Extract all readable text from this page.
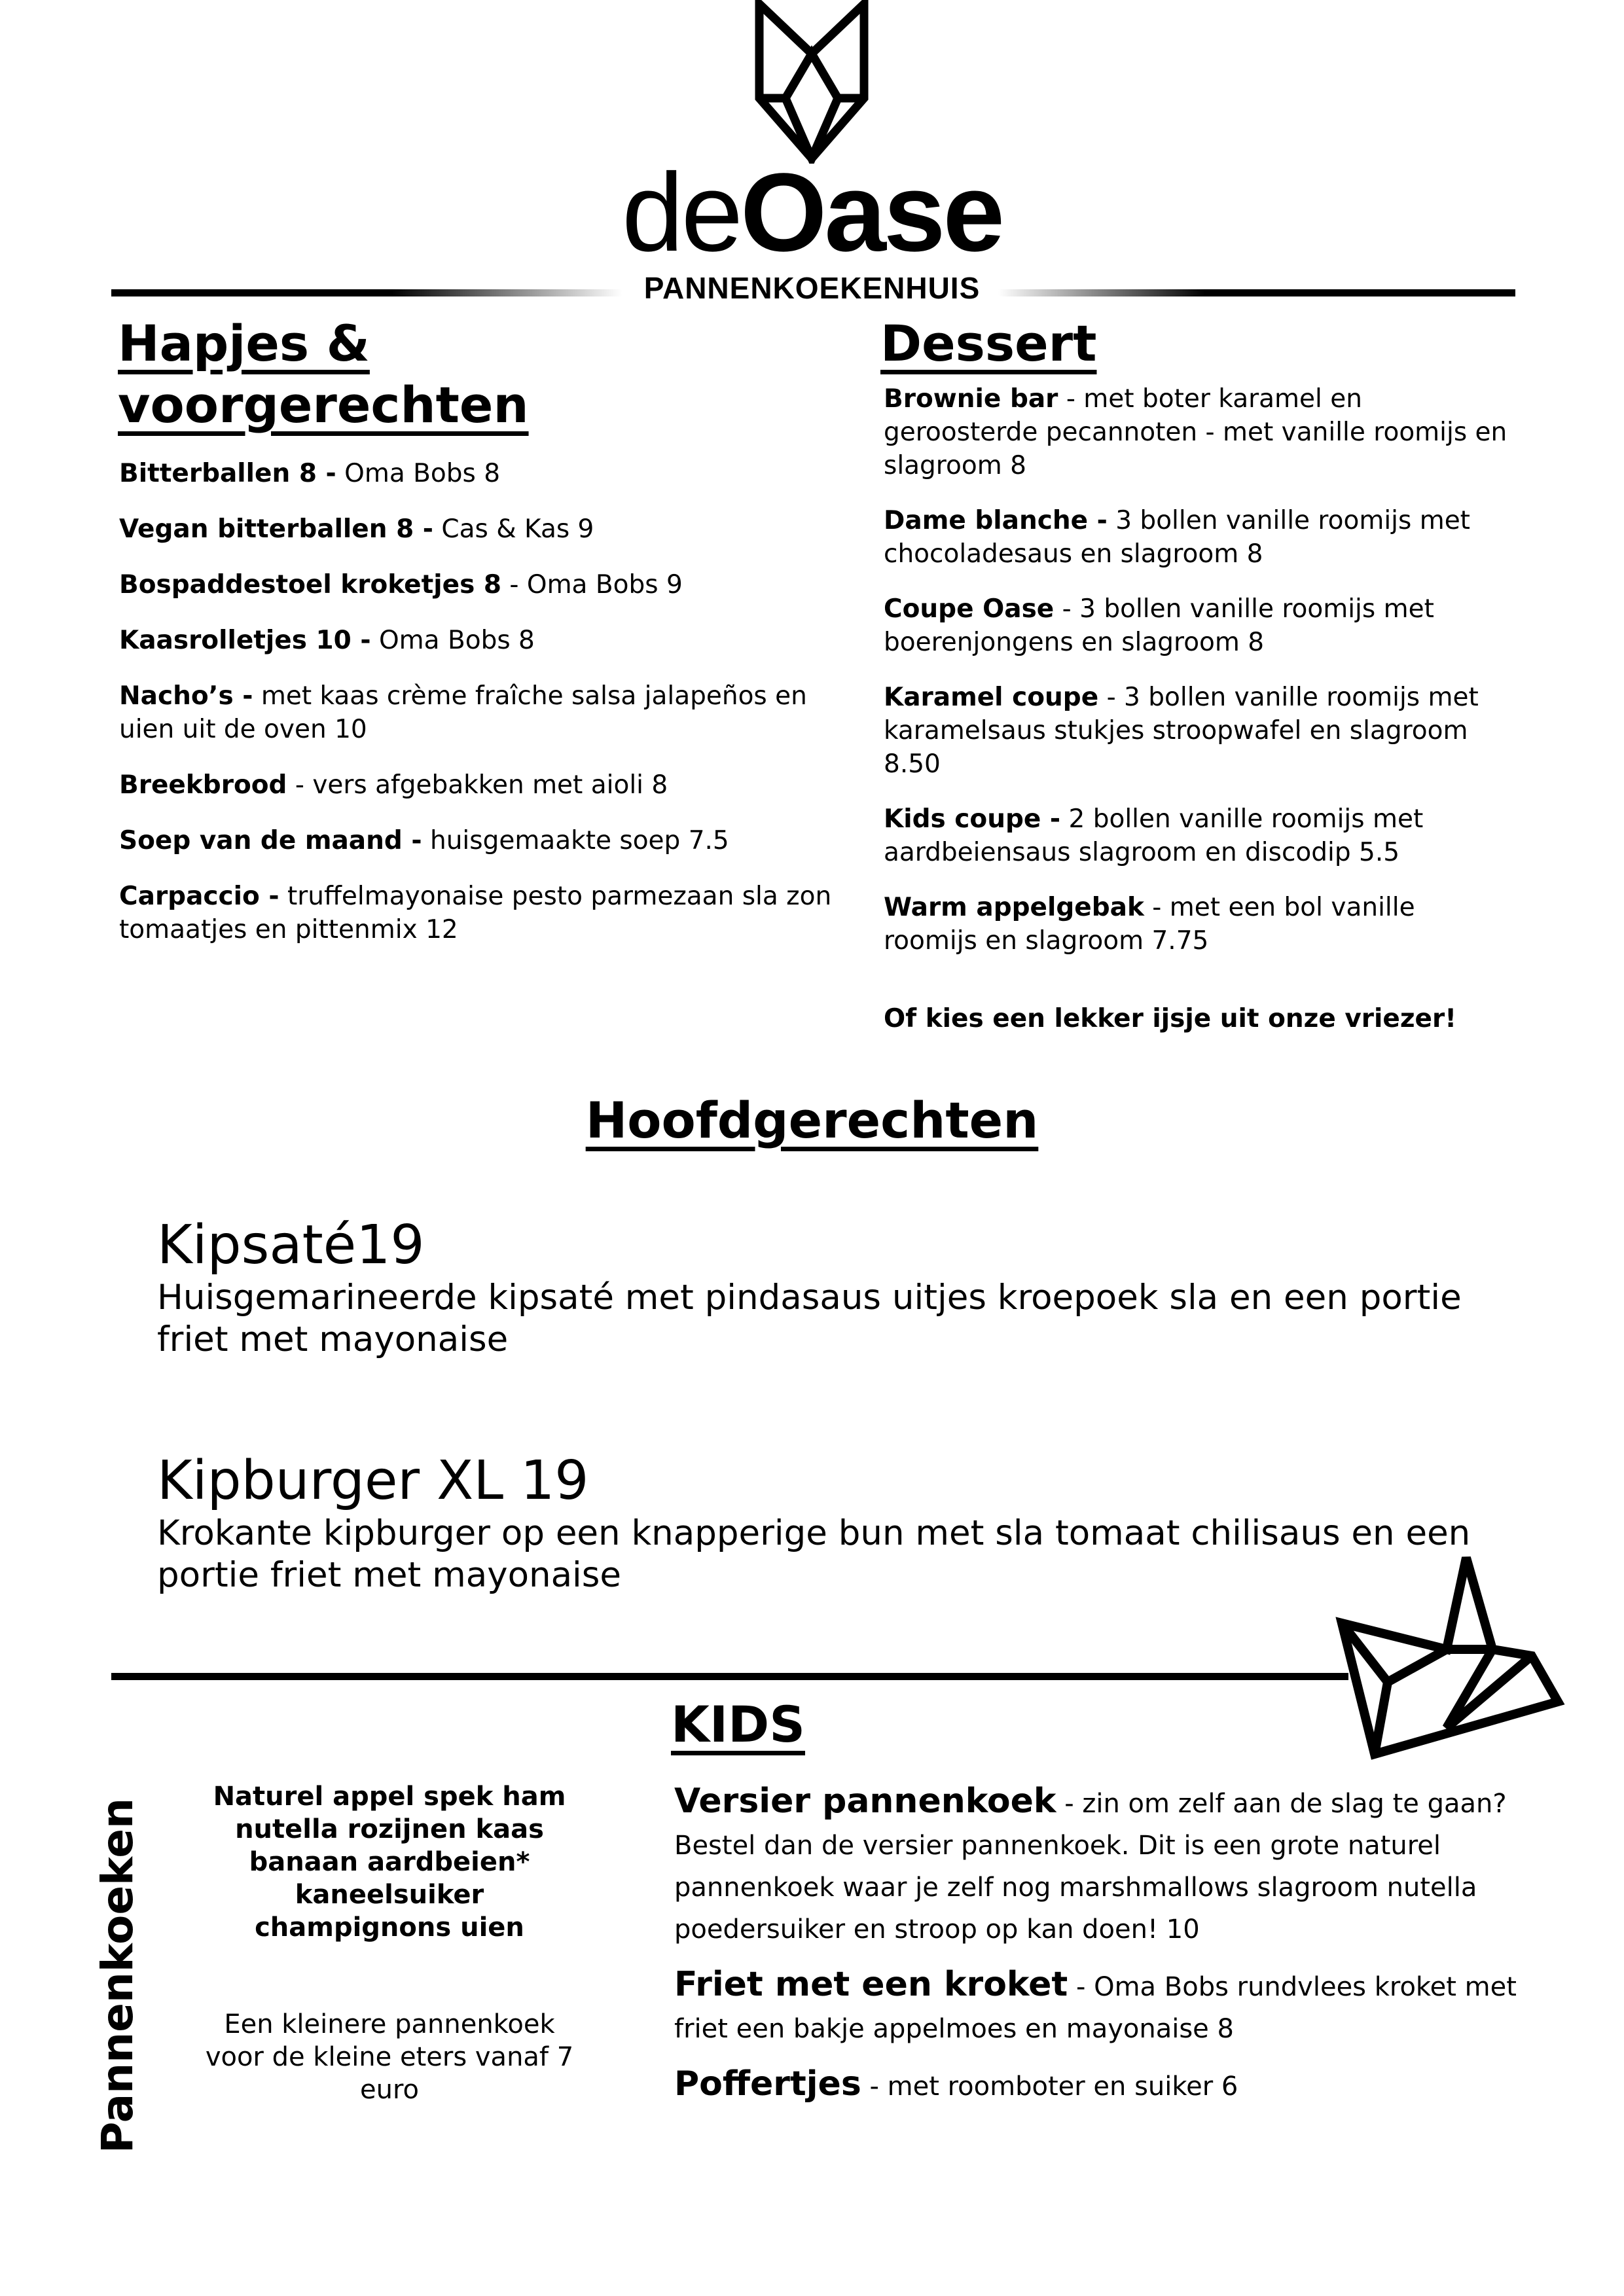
deOase
PANNENKOEKENHUIS
Hapjes &
voorgerechten
Bitterballen 8 - Oma Bobs 8
Vegan bitterballen 8 - Cas & Kas 9
Bospaddestoel kroketjes 8 - Oma Bobs 9
Kaasrolletjes 10 - Oma Bobs 8
Nacho’s - met kaas crème fraîche salsa jalapeños en uien uit de oven 10
Breekbrood - vers afgebakken met aioli 8
Soep van de maand - huisgemaakte soep 7.5
Carpaccio - truffelmayonaise pesto parmezaan sla zon tomaatjes en pittenmix 12
Dessert
Brownie bar - met boter karamel en geroosterde pecannoten - met vanille roomijs en slagroom 8
Dame blanche - 3 bollen vanille roomijs met chocoladesaus en slagroom 8
Coupe Oase - 3 bollen vanille roomijs met boerenjongens en slagroom 8
Karamel coupe - 3 bollen vanille roomijs met karamelsaus stukjes stroopwafel en slagroom 8.50
Kids coupe - 2 bollen vanille roomijs met aardbeiensaus slagroom en discodip 5.5
Warm appelgebak - met een bol vanille roomijs en slagroom 7.75
Of kies een lekker ijsje uit onze vriezer!
Hoofdgerechten
Kipsaté19
Huisgemarineerde kipsaté met pindasaus uitjes kroepoek sla en een portie friet met mayonaise
Kipburger XL 19
Krokante kipburger op een knapperige bun met sla tomaat chilisaus en een portie friet met mayonaise
Pannenkoeken
Naturel appel spek ham nutella rozijnen kaas banaan aardbeien* kaneelsuiker champignons uien
Een kleinere pannenkoek voor de kleine eters vanaf 7 euro
KIDS
Versier pannenkoek - zin om zelf aan de slag te gaan? Bestel dan de versier pannenkoek. Dit is een grote naturel pannenkoek waar je zelf nog marshmallows slagroom nutella poedersuiker en stroop op kan doen! 10
Friet met een kroket - Oma Bobs rundvlees kroket met friet een bakje appelmoes en mayonaise 8
Poffertjes - met roomboter en suiker 6
